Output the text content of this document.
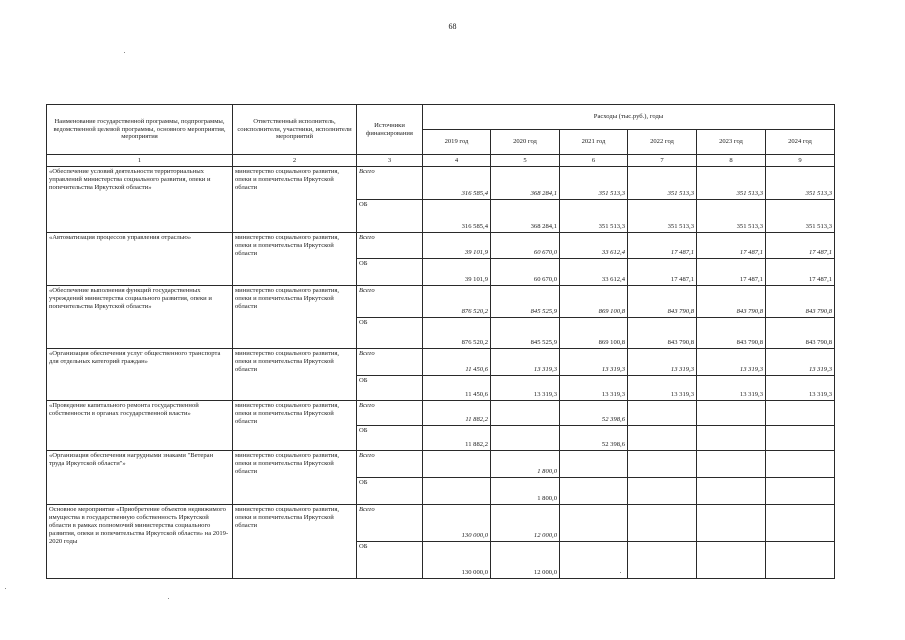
68
Наименование государственной программы, подпрограммы, ведомственной целевой программы, основного мероприятия, мероприятия	Ответственный исполнитель, соисполнители, участники, исполнители мероприятий	Источники финансирования	Расходы (тыс.руб.), годы					
			2019 год	2020 год	2021 год	2022 год	2023 год	2024 год
1	2	3	4	5	6	7	8	9
«Обеспечение условий деятельности территориальных управлений министерства социального развития, опеки и попечительства Иркутской области»	министерство социального развития, опеки и попечительства Иркутской области	Всего	316 585,4	368 284,1	351 513,3	351 513,3	351 513,3	351 513,3
		ОБ	316 585,4	368 284,1	351 513,3	351 513,3	351 513,3	351 513,3
«Автоматизация процессов управления отраслью»	министерство социального развития, опеки и попечительства Иркутской области	Всего	39 101,9	60 670,0	33 612,4	17 487,1	17 487,1	17 487,1
		ОБ	39 101,9	60 670,0	33 612,4	17 487,1	17 487,1	17 487,1
«Обеспечение выполнения функций государственных учреждений министерства социального развития, опеки и попечительства Иркутской области»	министерство социального развития, опеки и попечительства Иркутской области	Всего	876 520,2	845 525,9	869 100,8	843 790,8	843 790,8	843 790,8
		ОБ	876 520,2	845 525,9	869 100,8	843 790,8	843 790,8	843 790,8
«Организация обеспечения услуг общественного транспорта для отдельных категорий граждан»	министерство социального развития, опеки и попечительства Иркутской области	Всего	11 450,6	13 319,3	13 319,3	13 319,3	13 319,3	13 319,3
		ОБ	11 450,6	13 319,3	13 319,3	13 319,3	13 319,3	13 319,3
«Проведение капитального ремонта государственной собственности в органах государственной власти»	министерство социального развития, опеки и попечительства Иркутской области	Всего	11 882,2		52 398,6			
		ОБ	11 882,2		52 398,6			
«Организация обеспечения нагрудными знаками "Ветеран труда Иркутской области"»	министерство социального развития, опеки и попечительства Иркутской области	Всего		1 800,0				
		ОБ		1 800,0				
Основное мероприятие «Приобретение объектов недвижимого имущества в государственную собственность Иркутской области в рамках полномочий министерства социального развития, опеки и попечительства Иркутской области» на 2019-2020 годы	министерство социального развития, опеки и попечительства Иркутской области	Всего	130 000,0	12 000,0				
		ОБ	130 000,0	12 000,0				
